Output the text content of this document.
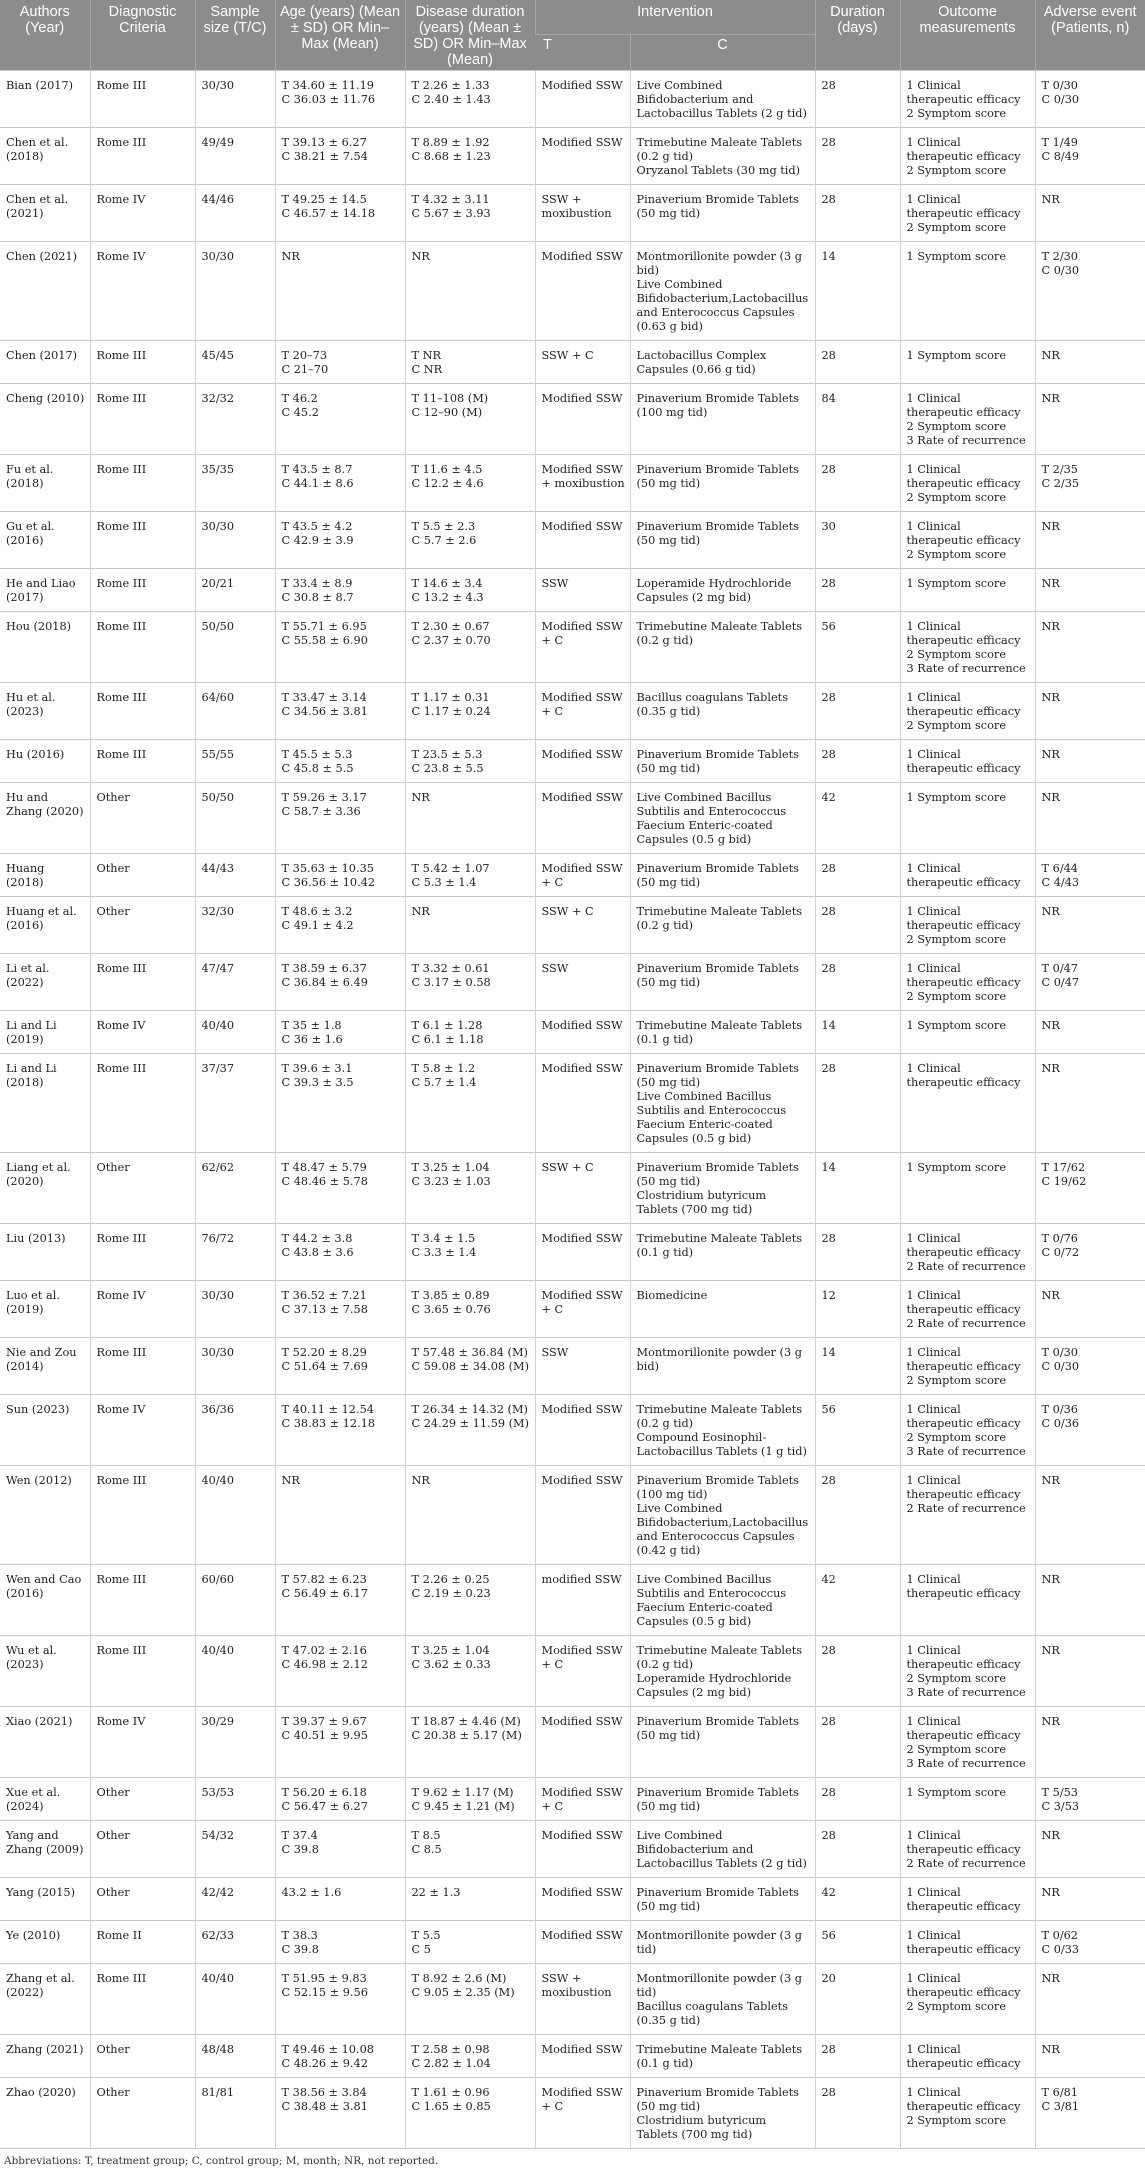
Authors (Year)	Diagnostic Criteria	Sample size (T/C)	Age (years) (Mean ± SD) OR Min–Max (Mean)	Disease duration (years) (Mean ± SD) OR Min–Max (Mean)	Intervention		Duration (days)	Outcome measurements	Adverse event (Patients, n)
					T	C			
Bian (2017)	Rome III	30/30	T 34.60 ± 11.19
C 36.03 ± 11.76	T 2.26 ± 1.33
C 2.40 ± 1.43	Modified SSW	Live Combined Bifidobacterium and Lactobacillus Tablets (2 g tid)	28	1 Clinical therapeutic efficacy
2 Symptom score	T 0/30
C 0/30

Chen et al. (2018)	Rome III	49/49	T 39.13 ± 6.27
C 38.21 ± 7.54	T 8.89 ± 1.92
C 8.68 ± 1.23	Modified SSW	Trimebutine Maleate Tablets (0.2 g tid)
Oryzanol Tablets (30 mg tid)	28	1 Clinical therapeutic efficacy
2 Symptom score	T 1/49
C 8/49

Chen et al. (2021)	Rome IV	44/46	T 49.25 ± 14.5
C 46.57 ± 14.18	T 4.32 ± 3.11
C 5.67 ± 3.93	SSW + moxibustion	Pinaverium Bromide Tablets (50 mg tid)	28	1 Clinical therapeutic efficacy
2 Symptom score	NR

Chen (2021)	Rome IV	30/30	NR	NR	Modified SSW	Montmorillonite powder (3 g bid)
Live Combined Bifidobacterium,Lactobacillus and Enterococcus Capsules (0.63 g bid)	14	1 Symptom score	T 2/30
C 0/30

Chen (2017)	Rome III	45/45	T 20–73
C 21–70	T NR
C NR	SSW + C	Lactobacillus Complex Capsules (0.66 g tid)	28	1 Symptom score	NR

Cheng (2010)	Rome III	32/32	T 46.2
C 45.2	T 11–108 (M)
C 12–90 (M)	Modified SSW	Pinaverium Bromide Tablets (100 mg tid)	84	1 Clinical therapeutic efficacy
2 Symptom score
3 Rate of recurrence	NR

Fu et al. (2018)	Rome III	35/35	T 43.5 ± 8.7
C 44.1 ± 8.6	T 11.6 ± 4.5
C 12.2 ± 4.6	Modified SSW + moxibustion	Pinaverium Bromide Tablets (50 mg tid)	28	1 Clinical therapeutic efficacy
2 Symptom score	T 2/35
C 2/35

Gu et al. (2016)	Rome III	30/30	T 43.5 ± 4.2
C 42.9 ± 3.9	T 5.5 ± 2.3
C 5.7 ± 2.6	Modified SSW	Pinaverium Bromide Tablets (50 mg tid)	30	1 Clinical therapeutic efficacy
2 Symptom score	NR

He and Liao (2017)	Rome III	20/21	T 33.4 ± 8.9
C 30.8 ± 8.7	T 14.6 ± 3.4
C 13.2 ± 4.3	SSW	Loperamide Hydrochloride Capsules (2 mg bid)	28	1 Symptom score	NR

Hou (2018)	Rome III	50/50	T 55.71 ± 6.95
C 55.58 ± 6.90	T 2.30 ± 0.67
C 2.37 ± 0.70	Modified SSW + C	Trimebutine Maleate Tablets (0.2 g tid)	56	1 Clinical therapeutic efficacy
2 Symptom score
3 Rate of recurrence	NR

Hu et al. (2023)	Rome III	64/60	T 33.47 ± 3.14
C 34.56 ± 3.81	T 1.17 ± 0.31
C 1.17 ± 0.24	Modified SSW + C	Bacillus coagulans Tablets (0.35 g tid)	28	1 Clinical therapeutic efficacy
2 Symptom score	NR

Hu (2016)	Rome III	55/55	T 45.5 ± 5.3
C 45.8 ± 5.5	T 23.5 ± 5.3
C 23.8 ± 5.5	Modified SSW	Pinaverium Bromide Tablets (50 mg tid)	28	1 Clinical therapeutic efficacy	NR

Hu and Zhang (2020)	Other	50/50	T 59.26 ± 3.17
C 58.7 ± 3.36	NR	Modified SSW	Live Combined Bacillus Subtilis and Enterococcus Faecium Enteric-coated Capsules (0.5 g bid)	42	1 Symptom score	NR

Huang (2018)	Other	44/43	T 35.63 ± 10.35
C 36.56 ± 10.42	T 5.42 ± 1.07
C 5.3 ± 1.4	Modified SSW + C	Pinaverium Bromide Tablets (50 mg tid)	28	1 Clinical therapeutic efficacy	T 6/44
C 4/43

Huang et al. (2016)	Other	32/30	T 48.6 ± 3.2
C 49.1 ± 4.2	NR	SSW + C	Trimebutine Maleate Tablets (0.2 g tid)	28	1 Clinical therapeutic efficacy
2 Symptom score	NR

Li et al. (2022)	Rome III	47/47	T 38.59 ± 6.37
C 36.84 ± 6.49	T 3.32 ± 0.61
C 3.17 ± 0.58	SSW	Pinaverium Bromide Tablets (50 mg tid)	28	1 Clinical therapeutic efficacy
2 Symptom score	T 0/47
C 0/47

Li and Li (2019)	Rome IV	40/40	T 35 ± 1.8
C 36 ± 1.6	T 6.1 ± 1.28
C 6.1 ± 1.18	Modified SSW	Trimebutine Maleate Tablets (0.1 g tid)	14	1 Symptom score	NR

Li and Li (2018)	Rome III	37/37	T 39.6 ± 3.1
C 39.3 ± 3.5	T 5.8 ± 1.2
C 5.7 ± 1.4	Modified SSW	Pinaverium Bromide Tablets (50 mg tid)
Live Combined Bacillus Subtilis and Enterococcus Faecium Enteric-coated Capsules (0.5 g bid)	28	1 Clinical therapeutic efficacy	NR

Liang et al. (2020)	Other	62/62	T 48.47 ± 5.79
C 48.46 ± 5.78	T 3.25 ± 1.04
C 3.23 ± 1.03	SSW + C	Pinaverium Bromide Tablets (50 mg tid)
Clostridium butyricum Tablets (700 mg tid)	14	1 Symptom score	T 17/62
C 19/62

Liu (2013)	Rome III	76/72	T 44.2 ± 3.8
C 43.8 ± 3.6	T 3.4 ± 1.5
C 3.3 ± 1.4	Modified SSW	Trimebutine Maleate Tablets (0.1 g tid)	28	1 Clinical therapeutic efficacy
2 Rate of recurrence	T 0/76
C 0/72

Luo et al. (2019)	Rome IV	30/30	T 36.52 ± 7.21
C 37.13 ± 7.58	T 3.85 ± 0.89
C 3.65 ± 0.76	Modified SSW + C	Biomedicine	12	1 Clinical therapeutic efficacy
2 Rate of recurrence	NR

Nie and Zou (2014)	Rome III	30/30	T 52.20 ± 8.29
C 51.64 ± 7.69	T 57.48 ± 36.84 (M)
C 59.08 ± 34.08 (M)	SSW	Montmorillonite powder (3 g bid)	14	1 Clinical therapeutic efficacy
2 Symptom score	T 0/30
C 0/30

Sun (2023)	Rome IV	36/36	T 40.11 ± 12.54
C 38.83 ± 12.18	T 26.34 ± 14.32 (M)
C 24.29 ± 11.59 (M)	Modified SSW	Trimebutine Maleate Tablets (0.2 g tid)
Compound Eosinophil-Lactobacillus Tablets (1 g tid)	56	1 Clinical therapeutic efficacy
2 Symptom score
3 Rate of recurrence	T 0/36
C 0/36

Wen (2012)	Rome III	40/40	NR	NR	Modified SSW	Pinaverium Bromide Tablets (100 mg tid)
Live Combined Bifidobacterium,Lactobacillus and Enterococcus Capsules (0.42 g tid)	28	1 Clinical therapeutic efficacy
2 Rate of recurrence	NR

Wen and Cao (2016)	Rome III	60/60	T 57.82 ± 6.23
C 56.49 ± 6.17	T 2.26 ± 0.25
C 2.19 ± 0.23	modified SSW	Live Combined Bacillus Subtilis and Enterococcus Faecium Enteric-coated Capsules (0.5 g bid)	42	1 Clinical therapeutic efficacy	NR

Wu et al. (2023)	Rome III	40/40	T 47.02 ± 2.16
C 46.98 ± 2.12	T 3.25 ± 1.04
C 3.62 ± 0.33	Modified SSW + C	Trimebutine Maleate Tablets (0.2 g tid)
Loperamide Hydrochloride Capsules (2 mg bid)	28	1 Clinical therapeutic efficacy
2 Symptom score
3 Rate of recurrence	NR

Xiao (2021)	Rome IV	30/29	T 39.37 ± 9.67
C 40.51 ± 9.95	T 18.87 ± 4.46 (M)
C 20.38 ± 5.17 (M)	Modified SSW	Pinaverium Bromide Tablets (50 mg tid)	28	1 Clinical therapeutic efficacy
2 Symptom score
3 Rate of recurrence	NR

Xue et al. (2024)	Other	53/53	T 56.20 ± 6.18
C 56.47 ± 6.27	T 9.62 ± 1.17 (M)
C 9.45 ± 1.21 (M)	Modified SSW + C	Pinaverium Bromide Tablets (50 mg tid)	28	1 Symptom score	T 5/53
C 3/53

Yang and Zhang (2009)	Other	54/32	T 37.4
C 39.8	T 8.5
C 8.5	Modified SSW	Live Combined Bifidobacterium and Lactobacillus Tablets (2 g tid)	28	1 Clinical therapeutic efficacy
2 Rate of recurrence	NR

Yang (2015)	Other	42/42	43.2 ± 1.6	22 ± 1.3	Modified SSW	Pinaverium Bromide Tablets (50 mg tid)	42	1 Clinical therapeutic efficacy	NR

Ye (2010)	Rome II	62/33	T 38.3
C 39.8	T 5.5
C 5	Modified SSW	Montmorillonite powder (3 g tid)	56	1 Clinical therapeutic efficacy	T 0/62
C 0/33

Zhang et al. (2022)	Rome III	40/40	T 51.95 ± 9.83
C 52.15 ± 9.56	T 8.92 ± 2.6 (M)
C 9.05 ± 2.35 (M)	SSW + moxibustion	Montmorillonite powder (3 g tid)
Bacillus coagulans Tablets (0.35 g tid)	20	1 Clinical therapeutic efficacy
2 Symptom score	NR

Zhang (2021)	Other	48/48	T 49.46 ± 10.08
C 48.26 ± 9.42	T 2.58 ± 0.98
C 2.82 ± 1.04	Modified SSW	Trimebutine Maleate Tablets (0.1 g tid)	28	1 Clinical therapeutic efficacy	NR

Zhao (2020)	Other	81/81	T 38.56 ± 3.84
C 38.48 ± 3.81	T 1.61 ± 0.96
C 1.65 ± 0.85	Modified SSW + C	Pinaverium Bromide Tablets (50 mg tid)
Clostridium butyricum Tablets (700 mg tid)	28	1 Clinical therapeutic efficacy
2 Symptom score	T 6/81
C 3/81
Abbreviations: T, treatment group; C, control group; M, month; NR, not reported.
